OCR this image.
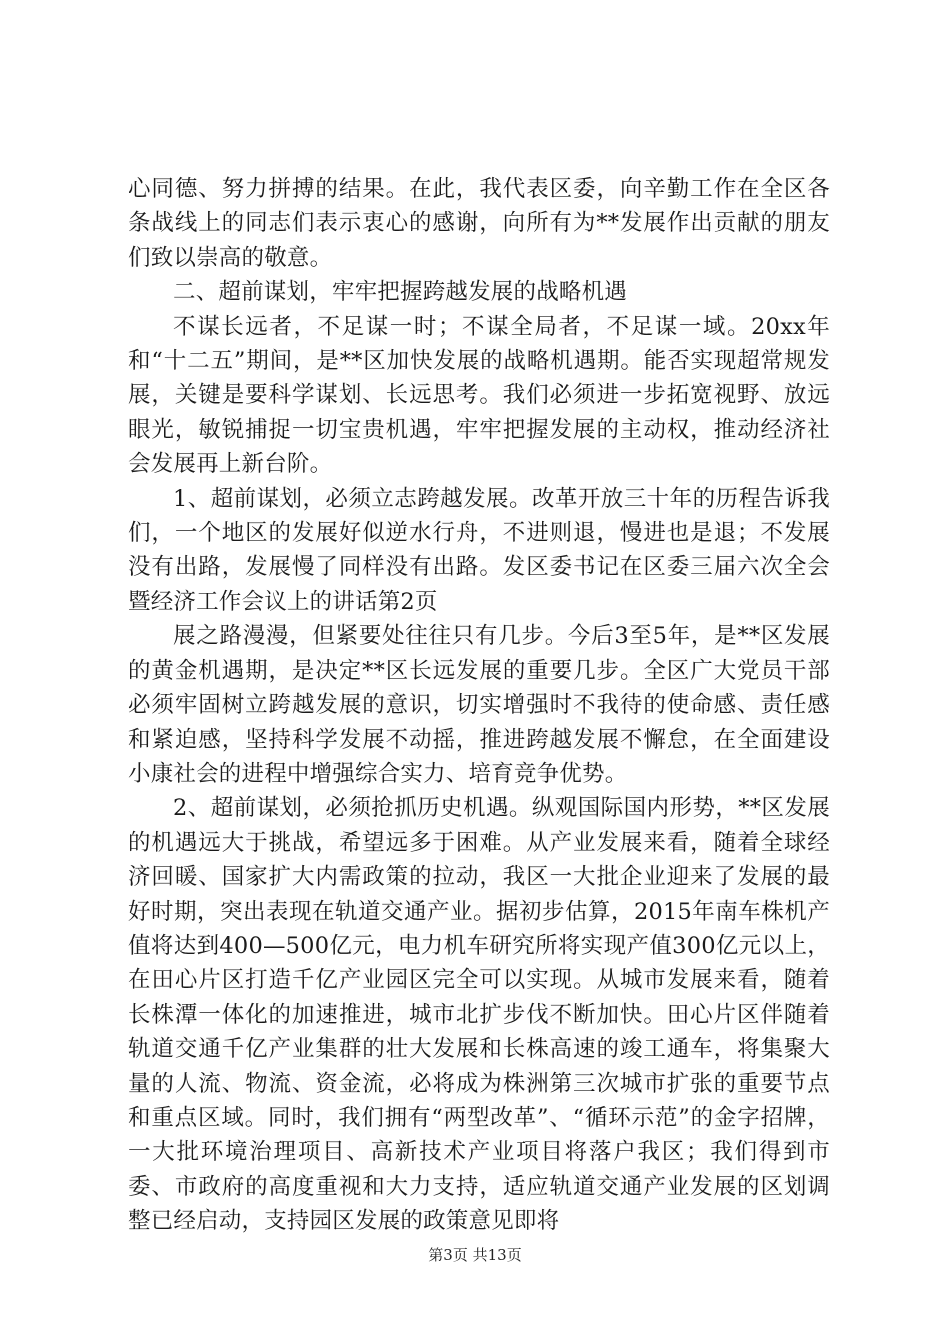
心同德、努力拼搏的结果。在此，我代表区委，向辛勤工作在全区各条战线上的同志们表示衷心的感谢，向所有为**发展作出贡献的朋友们致以崇高的敬意。

二、超前谋划，牢牢把握跨越发展的战略机遇

不谋长远者，不足谋一时；不谋全局者，不足谋一域。20xx年和“十二五”期间，是**区加快发展的战略机遇期。能否实现超常规发展，关键是要科学谋划、长远思考。我们必须进一步拓宽视野、放远眼光，敏锐捕捉一切宝贵机遇，牢牢把握发展的主动权，推动经济社会发展再上新台阶。

1、超前谋划，必须立志跨越发展。改革开放三十年的历程告诉我们，一个地区的发展好似逆水行舟，不进则退，慢进也是退；不发展没有出路，发展慢了同样没有出路。发区委书记在区委三届六次全会暨经济工作会议上的讲话第2页

展之路漫漫，但紧要处往往只有几步。今后3至5年，是**区发展的黄金机遇期，是决定**区长远发展的重要几步。全区广大党员干部必须牢固树立跨越发展的意识，切实增强时不我待的使命感、责任感和紧迫感，坚持科学发展不动摇，推进跨越发展不懈怠，在全面建设小康社会的进程中增强综合实力、培育竞争优势。

2、超前谋划，必须抢抓历史机遇。纵观国际国内形势，**区发展的机遇远大于挑战，希望远多于困难。从产业发展来看，随着全球经济回暖、国家扩大内需政策的拉动，我区一大批企业迎来了发展的最好时期，突出表现在轨道交通产业。据初步估算，2015年南车株机产值将达到400—500亿元，电力机车研究所将实现产值300亿元以上，在田心片区打造千亿产业园区完全可以实现。从城市发展来看，随着长株潭一体化的加速推进，城市北扩步伐不断加快。田心片区伴随着轨道交通千亿产业集群的壮大发展和长株高速的竣工通车，将集聚大量的人流、物流、资金流，必将成为株洲第三次城市扩张的重要节点和重点区域。同时，我们拥有“两型改革”、“循环示范”的金字招牌，一大批环境治理项目、高新技术产业项目将落户我区；我们得到市委、市政府的高度重视和大力支持，适应轨道交通产业发展的区划调整已经启动，支持园区发展的政策意见即将

第3页 共13页
